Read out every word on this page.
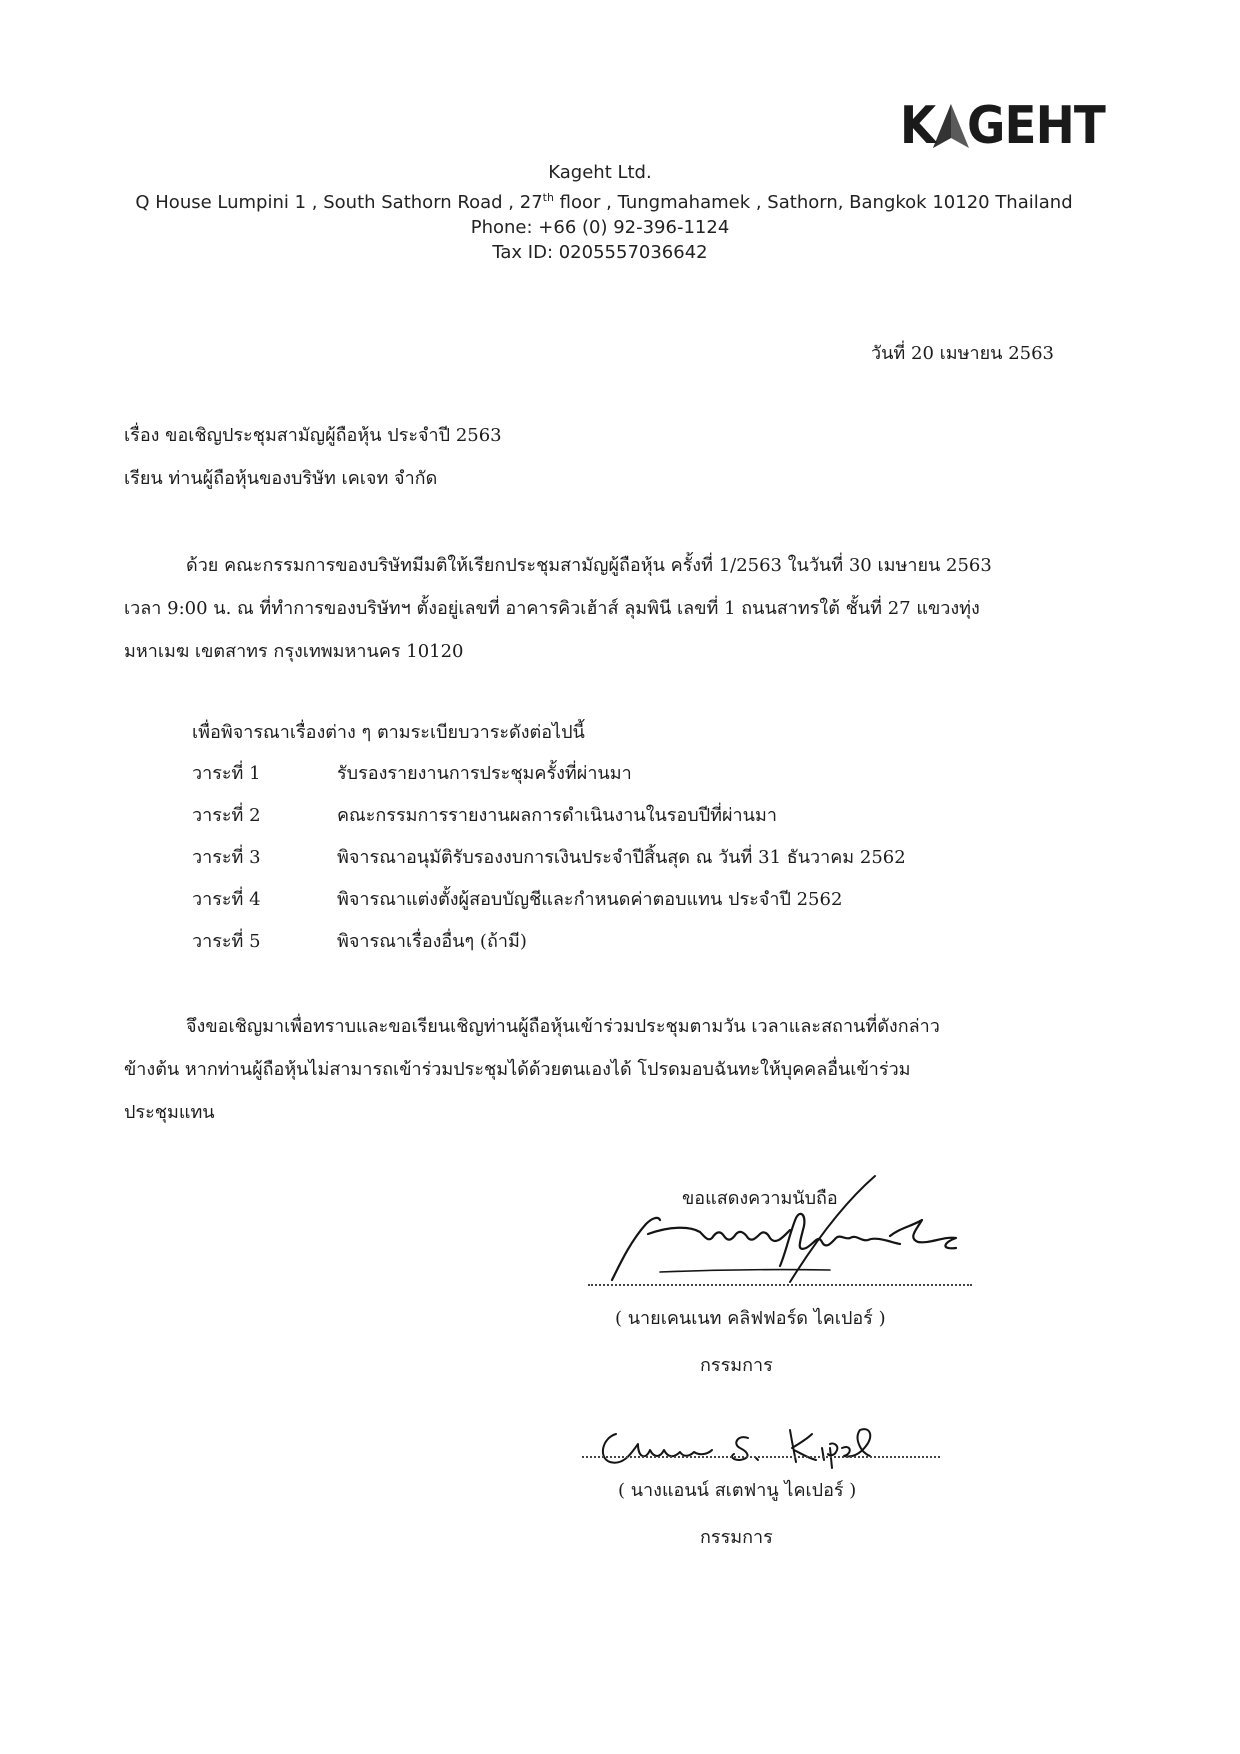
K GEHT
Kageht Ltd.
Q House Lumpini 1 , South Sathorn Road , 27th floor , Tungmahamek , Sathorn, Bangkok 10120 Thailand
Phone: +66 (0) 92-396-1124
Tax ID: 0205557036642
วันที่ 20 เมษายน 2563
เรื่อง ขอเชิญประชุมสามัญผู้ถือหุ้น ประจำปี 2563
เรียน ท่านผู้ถือหุ้นของบริษัท เคเจท จำกัด
ด้วย คณะกรรมการของบริษัทมีมติให้เรียกประชุมสามัญผู้ถือหุ้น ครั้งที่ 1/2563 ในวันที่ 30 เมษายน 2563
เวลา 9:00 น. ณ ที่ทำการของบริษัทฯ ตั้งอยู่เลขที่ อาคารคิวเฮ้าส์ ลุมพินี เลขที่ 1 ถนนสาทรใต้ ชั้นที่ 27 แขวงทุ่ง
มหาเมฆ เขตสาทร กรุงเทพมหานคร 10120
เพื่อพิจารณาเรื่องต่าง ๆ ตามระเบียบวาระดังต่อไปนี้
วาระที่ 1	รับรองรายงานการประชุมครั้งที่ผ่านมา
วาระที่ 2	คณะกรรมการรายงานผลการดำเนินงานในรอบปีที่ผ่านมา
วาระที่ 3	พิจารณาอนุมัติรับรองงบการเงินประจำปีสิ้นสุด ณ วันที่ 31 ธันวาคม 2562
วาระที่ 4	พิจารณาแต่งตั้งผู้สอบบัญชีและกำหนดค่าตอบแทน ประจำปี 2562
วาระที่ 5	พิจารณาเรื่องอื่นๆ (ถ้ามี)
จึงขอเชิญมาเพื่อทราบและขอเรียนเชิญท่านผู้ถือหุ้นเข้าร่วมประชุมตามวัน เวลาและสถานที่ดังกล่าว
ข้างต้น หากท่านผู้ถือหุ้นไม่สามารถเข้าร่วมประชุมได้ด้วยตนเองได้ โปรดมอบฉันทะให้บุคคลอื่นเข้าร่วม
ประชุมแทน
ขอแสดงความนับถือ
( นายเคนเนท คลิฟฟอร์ด ไคเปอร์ )
กรรมการ
( นางแอนน์ สเตฟานู ไคเปอร์ )
กรรมการ
